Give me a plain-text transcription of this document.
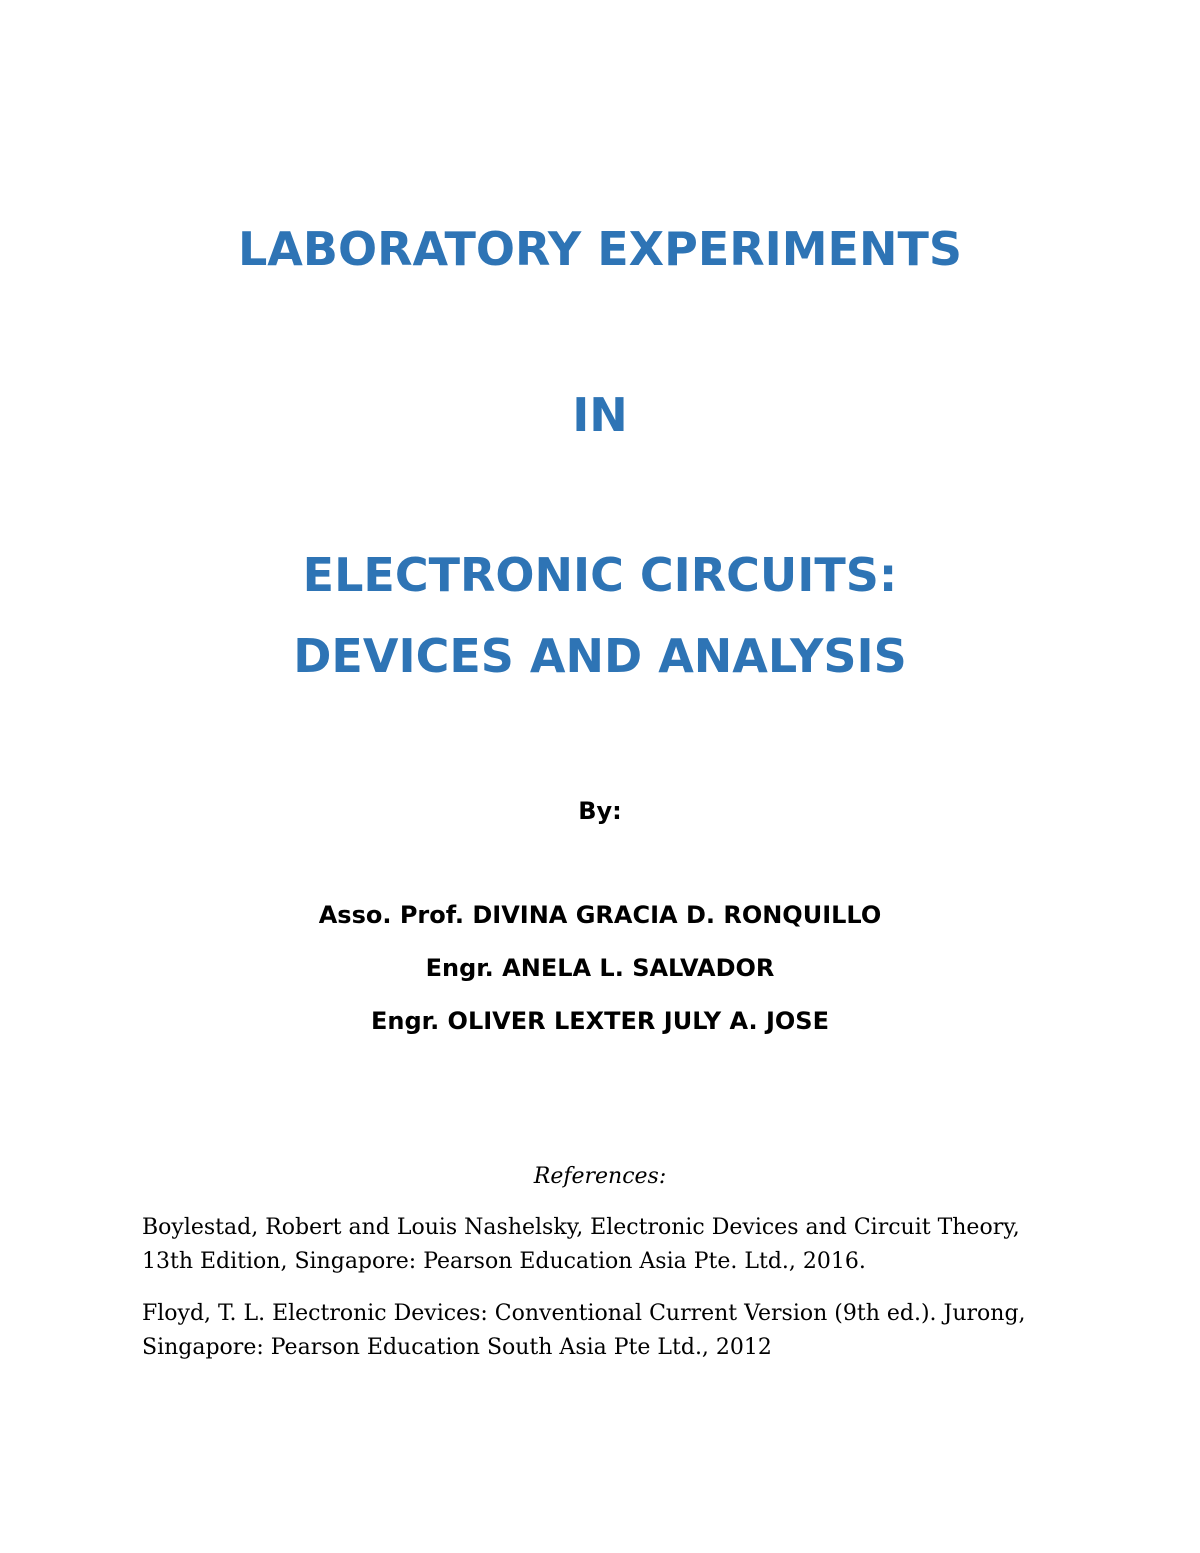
LABORATORY EXPERIMENTS
IN
ELECTRONIC CIRCUITS:
DEVICES AND ANALYSIS

By:

Asso. Prof. DIVINA GRACIA D. RONQUILLO

Engr. ANELA L. SALVADOR

Engr. OLIVER LEXTER JULY A. JOSE

References:

Boylestad, Robert and Louis Nashelsky, Electronic Devices and Circuit Theory, 13th Edition, Singapore: Pearson Education Asia Pte. Ltd., 2016.

Floyd, T. L. Electronic Devices: Conventional Current Version (9th ed.). Jurong, Singapore: Pearson Education South Asia Pte Ltd., 2012
